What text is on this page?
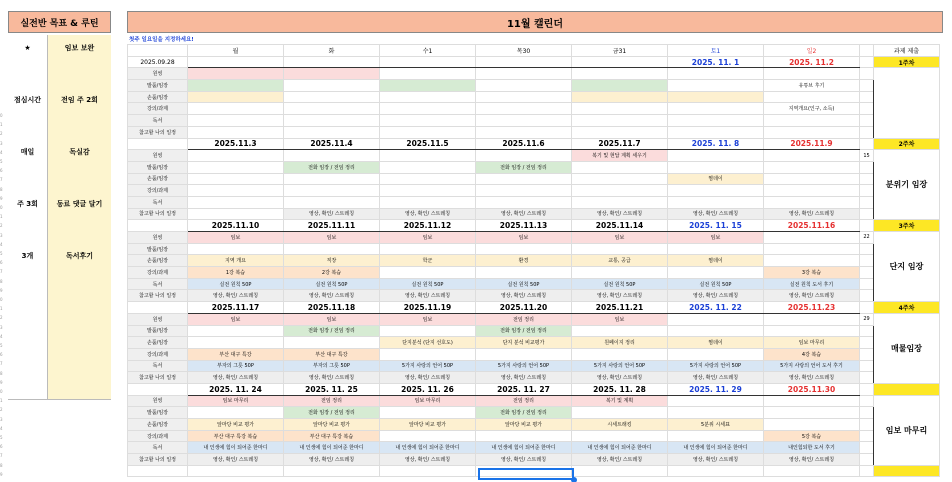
0
1
2
3
4
5
6
7
8
9
0
1
2
3
4
5
6
7
8
9
0
1
2
3
4
5
6
7
8
9
0
1
2
3
4
5
6
7
8
9
실전반 목표 & 루틴
★	임보 보완
점심시간	전임 주 2회
매일	독실감
주 3회	동료 댓글 달기
3개	독서후기
11월 캘린더
첫주 일요일을 지정하세요!
	월	화	수1	목30	금31	토1	일2		과제 제출
2025.09.28						2025. 11. 1	2025. 11.2		1주차
원씽									
발품/임장							유튜브 후기		
손품/임장									
강의/과제							지역개요(인구, 소득)		
독서									
참고할 나의 일정									
	2025.11.3	2025.11.4	2025.11.5	2025.11.6	2025.11.7	2025. 11. 8	2025.11.9		2주차
원씽					복기 및 현답 계획 세우기			15	분위기 임장
발품/임장		전화 임장 / 전임 정리		전화 임장 / 전임 정리					
손품/임장						찜데이			
강의/과제									
독서									
참고할 나의 일정		영상, 확인/ 스트레칭	영상, 확인/ 스트레칭	영상, 확인/ 스트레칭	영상, 확인/ 스트레칭	영상, 확인/ 스트레칭	영상, 확인/ 스트레칭		
	2025.11.10	2025.11.11	2025.11.12	2025.11.13	2025.11.14	2025. 11. 15	2025.11.16		3주차
원씽	임보	임보	임보	임보	임보	임보		22	단지 임장
발품/임장									
손품/임장	지역 개요	직장	학군	환경	교통, 공급	찜데이			
강의/과제	1강 복습	2강 복습					3강 복습		
독서	실전 원칙 50P	실전 원칙 50P	실전 원칙 50P	실전 원칙 50P	실전 원칙 50P	실전 원칙 50P	실전 원칙 도서 후기		
참고할 나의 일정	영상, 확인/ 스트레칭	영상, 확인/ 스트레칭	영상, 확인/ 스트레칭	영상, 확인/ 스트레칭	영상, 확인/ 스트레칭	영상, 확인/ 스트레칭	영상, 확인/ 스트레칭		
	2025.11.17	2025.11.18	2025.11.19	2025.11.20	2025.11.21	2025. 11. 22	2025.11.23		4주차
원씽	임보	임보	임보	전임 정리	임보			29	매물임장
발품/임장		전화 임장 / 전임 정리		전화 임장 / 전임 정리					
손품/임장			단지분석 (단지 선호도)	단지 분석 비교평가	원페이지 정리	찜데이	임보 마무리		
강의/과제	부산 대구 특강	부산 대구 특강					4강 복습		
독서	부자의 그릇 50P	부자의 그릇 50P	5가지 사랑의 언어 50P	5가지 사랑의 언어 50P	5가지 사랑의 언어 50P	5가지 사랑의 언어 50P	5가지 사랑의 언어 도서 후기		
참고할 나의 일정	영상, 확인/ 스트레칭	영상, 확인/ 스트레칭	영상, 확인/ 스트레칭	영상, 확인/ 스트레칭	영상, 확인/ 스트레칭	영상, 확인/ 스트레칭	영상, 확인/ 스트레칭		
	2025. 11. 24	2025. 11. 25	2025. 11. 26	2025. 11. 27	2025. 11. 28	2025. 11. 29	2025.11.30		
원씽	임보 마무리	전임 정리	임보 마무리	전임 정리	복기 및 계획				임보 마무리
발품/임장		전화 임장 / 전임 정리		전화 임장 / 전임 정리					
손품/임장	앞마당 비교 평가	앞마당 비교 평가	앞마당 비교 평가	앞마당 비교 평가	시세트래킹	5분위 시세표			
강의/과제	부산 대구 특강 복습	부산 대구 특강 복습					5강 복습		
독서	내 인생에 힘이 되어준 한마디	내 인생에 힘이 되어준 한마디	내 인생에 힘이 되어준 한마디	내 인생에 힘이 되어준 한마디	내 인생에 힘이 되어준 한마디	내 인생에 힘이 되어준 한마디	내인힘되한 도서 후기		
참고할 나의 일정	영상, 확인/ 스트레칭	영상, 확인/ 스트레칭	영상, 확인/ 스트레칭	영상, 확인/ 스트레칭	영상, 확인/ 스트레칭	영상, 확인/ 스트레칭	영상, 확인/ 스트레칭		
